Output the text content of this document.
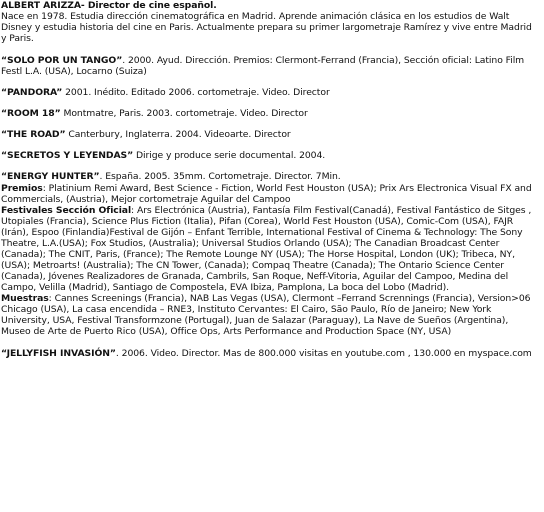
ALBERT ARIZZA- Director de cine español.
Nace en 1978. Estudia dirección cinematográfica en Madrid. Aprende animación clásica en los estudios de Walt Disney y estudia historia del cine en Paris. Actualmente prepara su primer largometraje Ramírez y vive entre Madrid y Paris.

“SOLO POR UN TANGO”. 2000. Ayud. Dirección. Premios: Clermont-Ferrand (Francia), Sección oficial: Latino Film Festl L.A. (USA), Locarno (Suiza)

“PANDORA” 2001. Inédito. Editado 2006. cortometraje. Video. Director

“ROOM 18” Montmatre, Paris. 2003. cortometraje. Video. Director

“THE ROAD” Canterbury, Inglaterra. 2004. Videoarte. Director

“SECRETOS Y LEYENDAS” Dirige y produce serie documental. 2004.

“ENERGY HUNTER”. España. 2005. 35mm. Cortometraje. Director. 7Min.
Premios: Platinium Remi Award, Best Science - Fiction, World Fest Houston (USA); Prix Ars Electronica Visual FX and Commercials, (Austria), Mejor cortometraje Aguilar del Campoo
Festivales Sección Oficial: Ars Electrónica (Austria), Fantasía Film Festival(Canadá), Festival Fantástico de Sitges , Utopiales (Francia), Science Plus Fiction (Italia), Pifan (Corea), World Fest Houston (USA), Comic-Com (USA), FAJR (Irán), Espoo (Finlandia)Festival de Gijón – Enfant Terrible, International Festival of Cinema & Technology: The Sony Theatre, L.A.(USA); Fox Studios, (Australia); Universal Studios Orlando (USA); The Canadian Broadcast Center (Canada); The CNIT, Paris, (France); The Remote Lounge NY (USA); The Horse Hospital, London (UK); Tribeca, NY, (USA); Metroarts! (Australia); The CN Tower, (Canada); Compaq Theatre (Canada); The Ontario Science Center (Canada), Jóvenes Realizadores de Granada, Cambrils, San Roque, Neff-Vitoria, Aguilar del Campoo, Medina del Campo, Velilla (Madrid), Santiago de Compostela, EVA Ibiza, Pamplona, La boca del Lobo (Madrid).
Muestras: Cannes Screenings (Francia), NAB Las Vegas (USA), Clermont –Ferrand Scrennings (Francia), Version>06 Chicago (USA), La casa encendida – RNE3, Instituto Cervantes: El Cairo, São Paulo, Río de Janeiro; New York University, USA, Festival Transformzone (Portugal), Juan de Salazar (Paraguay), La Nave de Sueños (Argentina), Museo de Arte de Puerto Rico (USA), Office Ops, Arts Performance and Production Space (NY, USA)

“JELLYFISH INVASIÓN”. 2006. Video. Director. Mas de 800.000 visitas en youtube.com , 130.000 en myspace.com
